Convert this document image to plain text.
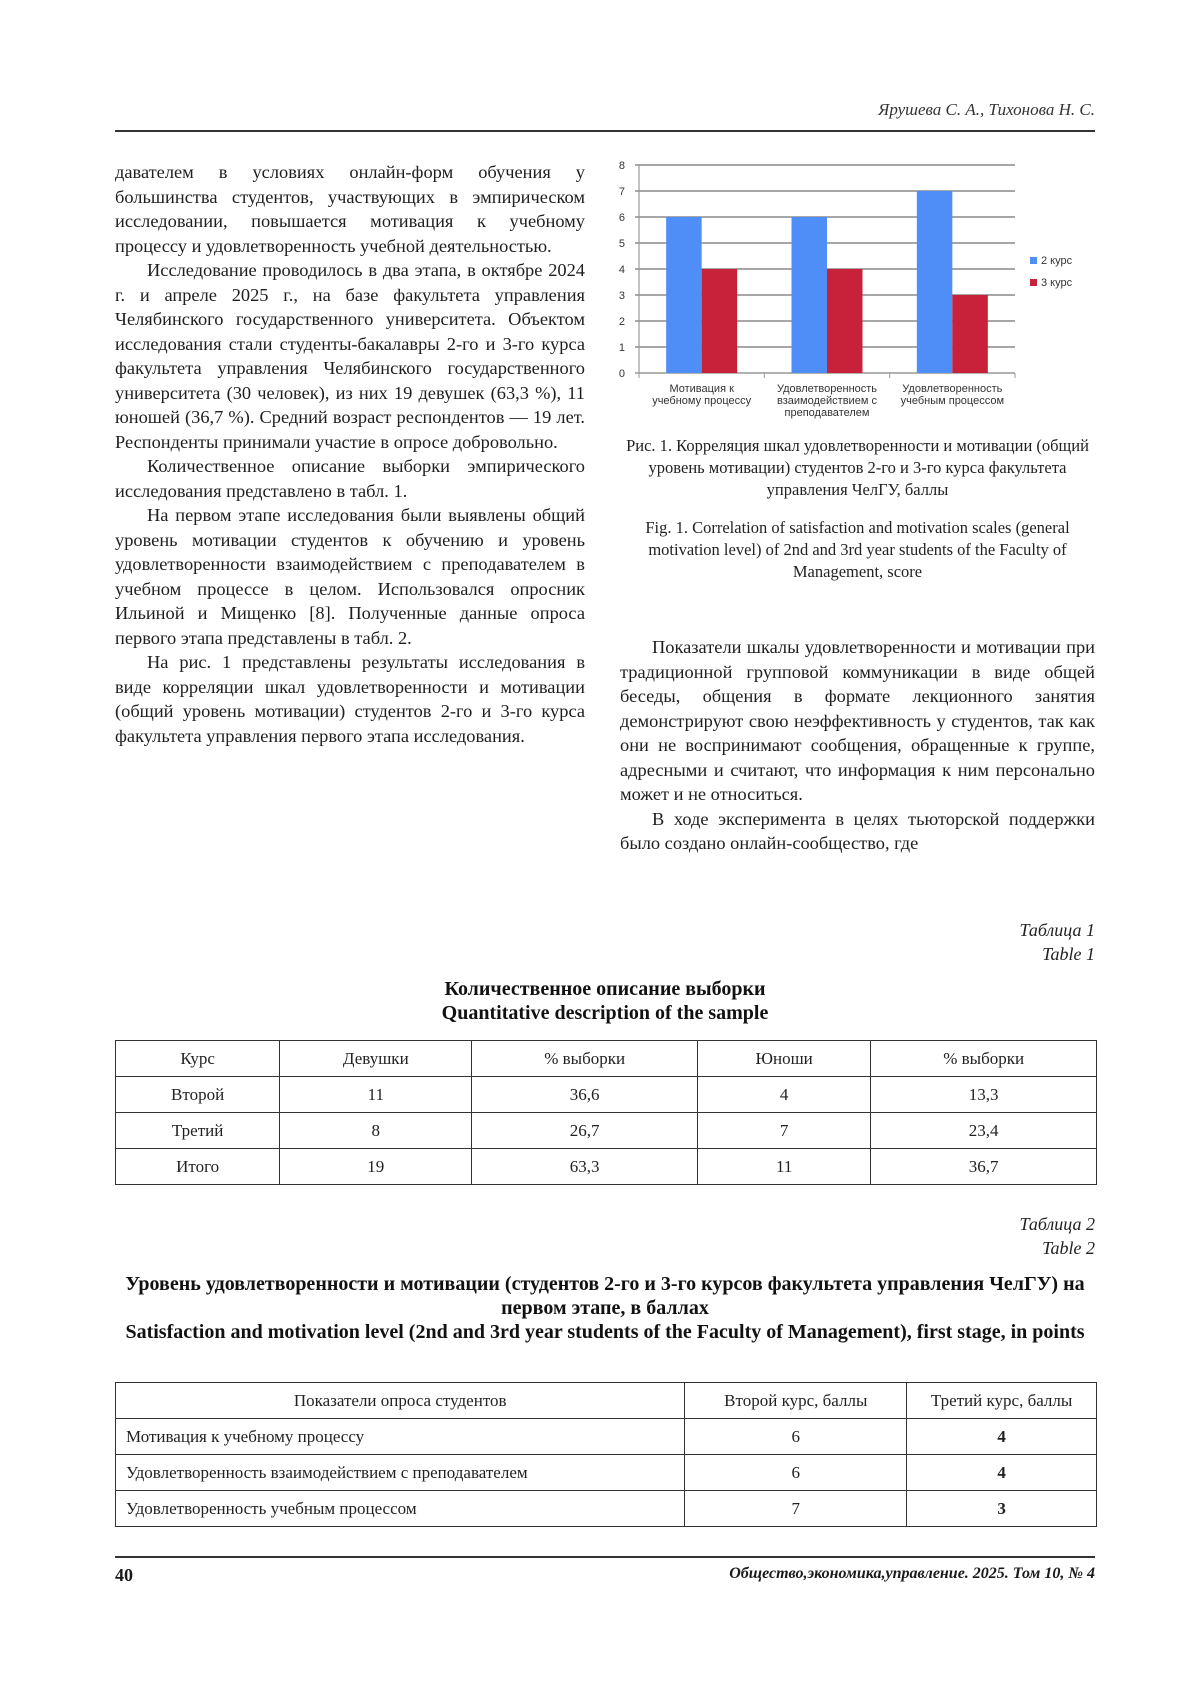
Ярушева С. А., Тихонова Н. С.

давателем в условиях онлайн-форм обучения у большинства студентов, участвующих в эмпирическом исследовании, повышается мотивация к учебному процессу и удовлетворенность учебной деятельностью.

Исследование проводилось в два этапа, в октябре 2024 г. и апреле 2025 г., на базе факультета управления Челябинского государственного университета. Объектом исследования стали студенты-бакалавры 2-го и 3-го курса факультета управления Челябинского государственного университета (30 человек), из них 19 девушек (63,3 %), 11 юношей (36,7 %). Средний возраст респондентов — 19 лет. Респонденты принимали участие в опросе добровольно.

Количественное описание выборки эмпирического исследования представлено в табл. 1.

На первом этапе исследования были выявлены общий уровень мотивации студентов к обучению и уровень удовлетворенности взаимодействием с преподавателем в учебном процессе в целом. Использовался опросник Ильиной и Мищенко [8]. Полученные данные опроса первого этапа представлены в табл. 2.

На рис. 1 представлены результаты исследования в виде корреляции шкал удовлетворенности и мотивации (общий уровень мотивации) студентов 2-го и 3-го курса факультета управления первого этапа исследования.

0
1
2
3
4
5
6
7
8
Мотивация к
учебному процессу
Удовлетворенность
взаимодействием с
преподавателем
Удовлетворенность
учебным процессом
2 курс
3 курс
Рис. 1. Корреляция шкал удовлетворенности и мотивации (общий уровень мотивации) студентов 2-го и 3-го курса факультета управления ЧелГУ, баллы
Fig. 1. Correlation of satisfaction and motivation scales (general motivation level) of 2nd and 3rd year students of the Faculty of Management, score

Показатели шкалы удовлетворенности и мотивации при традиционной групповой коммуникации в виде общей беседы, общения в формате лекционного занятия демонстрируют свою неэффективность у студентов, так как они не воспринимают сообщения, обращенные к группе, адресными и считают, что информация к ним персонально может и не относиться.

В ходе эксперимента в целях тьюторской поддержки было создано онлайн-сообщество, где

Таблица 1
Table 1
Количественное описание выборки
Quantitative description of the sample
Курс	Девушки	% выборки	Юноши	% выборки
Второй	11	36,6	4	13,3
Третий	8	26,7	7	23,4
Итого	19	63,3	11	36,7
Таблица 2
Table 2
Уровень удовлетворенности и мотивации (студентов 2-го и 3-го курсов факультета управления ЧелГУ) на первом этапе, в баллах
Satisfaction and motivation level (2nd and 3rd year students of the Faculty of Management), first stage, in points
Показатели опроса студентов	Второй курс, баллы	Третий курс, баллы
Мотивация к учебному процессу	6	4
Удовлетворенность взаимодействием с преподавателем	6	4
Удовлетворенность учебным процессом	7	3
40	Общество,экономика,управление. 2025. Том 10, № 4
